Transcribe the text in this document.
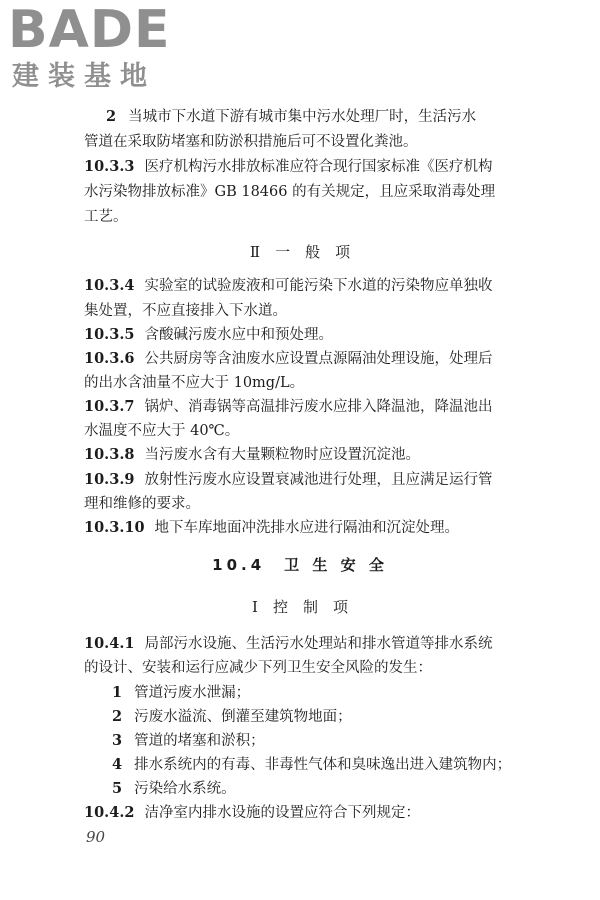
BADE
建装基地
2 当城市下水道下游有城市集中污水处理厂时，生活污水
管道在采取防堵塞和防淤积措施后可不设置化粪池。
10.3.3 医疗机构污水排放标准应符合现行国家标准《医疗机构
水污染物排放标准》GB 18466 的有关规定，且应采取消毒处理
工艺。
Ⅱ　一　般　项
10.3.4 实验室的试验废液和可能污染下水道的污染物应单独收
集处置，不应直接排入下水道。
10.3.5 含酸碱污废水应中和预处理。
10.3.6 公共厨房等含油废水应设置点源隔油处理设施，处理后
的出水含油量不应大于 10mg/L。
10.3.7 锅炉、消毒锅等高温排污废水应排入降温池，降温池出
水温度不应大于 40℃。
10.3.8 当污废水含有大量颗粒物时应设置沉淀池。
10.3.9 放射性污废水应设置衰减池进行处理，且应满足运行管
理和维修的要求。
10.3.10 地下车库地面冲洗排水应进行隔油和沉淀处理。
10.4　卫 生 安 全
Ⅰ　控　制　项
10.4.1 局部污水设施、生活污水处理站和排水管道等排水系统
的设计、安装和运行应减少下列卫生安全风险的发生：
1 管道污废水泄漏；
2 污废水溢流、倒灌至建筑物地面；
3 管道的堵塞和淤积；
4 排水系统内的有毒、非毒性气体和臭味逸出进入建筑物内；
5 污染给水系统。
10.4.2 洁净室内排水设施的设置应符合下列规定：
90
